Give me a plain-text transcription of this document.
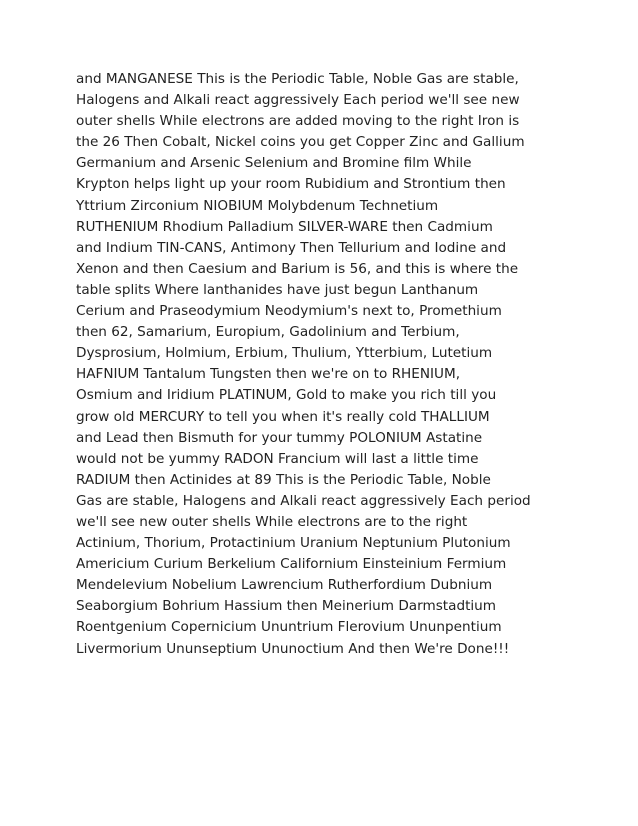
and MANGANESE This is the Periodic Table, Noble Gas are stable,
Halogens and Alkali react aggressively Each period we'll see new
outer shells While electrons are added moving to the right Iron is
the 26 Then Cobalt, Nickel coins you get Copper Zinc and Gallium
Germanium and Arsenic Selenium and Bromine film While
Krypton helps light up your room Rubidium and Strontium then
Yttrium Zirconium NIOBIUM Molybdenum Technetium
RUTHENIUM Rhodium Palladium SILVER-WARE then Cadmium
and Indium TIN-CANS, Antimony Then Tellurium and Iodine and
Xenon and then Caesium and Barium is 56, and this is where the
table splits Where lanthanides have just begun Lanthanum
Cerium and Praseodymium Neodymium's next to, Promethium
then 62, Samarium, Europium, Gadolinium and Terbium,
Dysprosium, Holmium, Erbium, Thulium, Ytterbium, Lutetium
HAFNIUM Tantalum Tungsten then we're on to RHENIUM,
Osmium and Iridium PLATINUM, Gold to make you rich till you
grow old MERCURY to tell you when it's really cold THALLIUM
and Lead then Bismuth for your tummy POLONIUM Astatine
would not be yummy RADON Francium will last a little time
RADIUM then Actinides at 89 This is the Periodic Table, Noble
Gas are stable, Halogens and Alkali react aggressively Each period
we'll see new outer shells While electrons are to the right
Actinium, Thorium, Protactinium Uranium Neptunium Plutonium
Americium Curium Berkelium Californium Einsteinium Fermium
Mendelevium Nobelium Lawrencium Rutherfordium Dubnium
Seaborgium Bohrium Hassium then Meinerium Darmstadtium
Roentgenium Copernicium Ununtrium Flerovium Ununpentium
Livermorium Ununseptium Ununoctium And then We're Done!!!
